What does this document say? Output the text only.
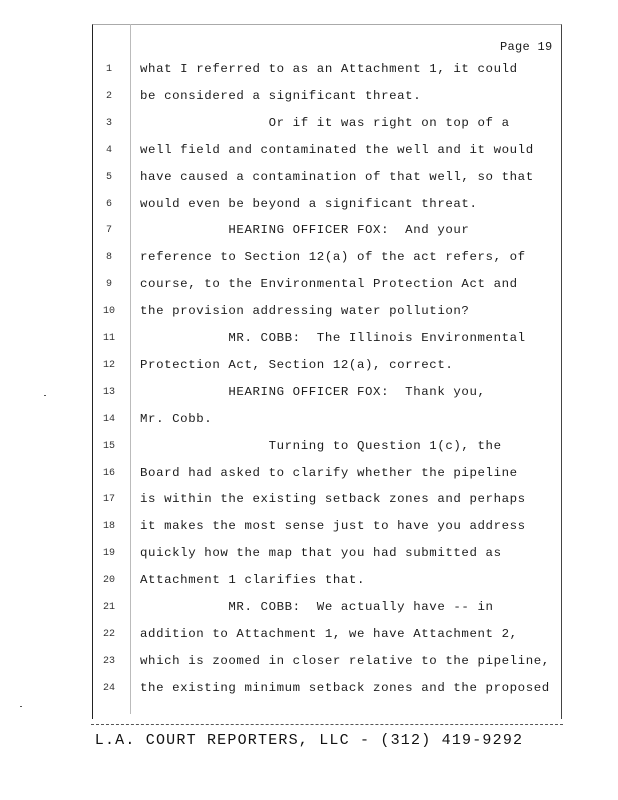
Page 19
1	what I referred to as an Attachment 1, it could
2	be considered a significant threat.
3	Or if it was right on top of a
4	well field and contaminated the well and it would
5	have caused a contamination of that well, so that
6	would even be beyond a significant threat.
7	HEARING OFFICER FOX:  And your
8	reference to Section 12(a) of the act refers, of
9	course, to the Environmental Protection Act and
10	the provision addressing water pollution?
11	MR. COBB:  The Illinois Environmental
12	Protection Act, Section 12(a), correct.
13	HEARING OFFICER FOX:  Thank you,
14	Mr. Cobb.
15	Turning to Question 1(c), the
16	Board had asked to clarify whether the pipeline
17	is within the existing setback zones and perhaps
18	it makes the most sense just to have you address
19	quickly how the map that you had submitted as
20	Attachment 1 clarifies that.
21	MR. COBB:  We actually have -- in
22	addition to Attachment 1, we have Attachment 2,
23	which is zoomed in closer relative to the pipeline,
24	the existing minimum setback zones and the proposed
L.A. COURT REPORTERS, LLC - (312) 419-9292
